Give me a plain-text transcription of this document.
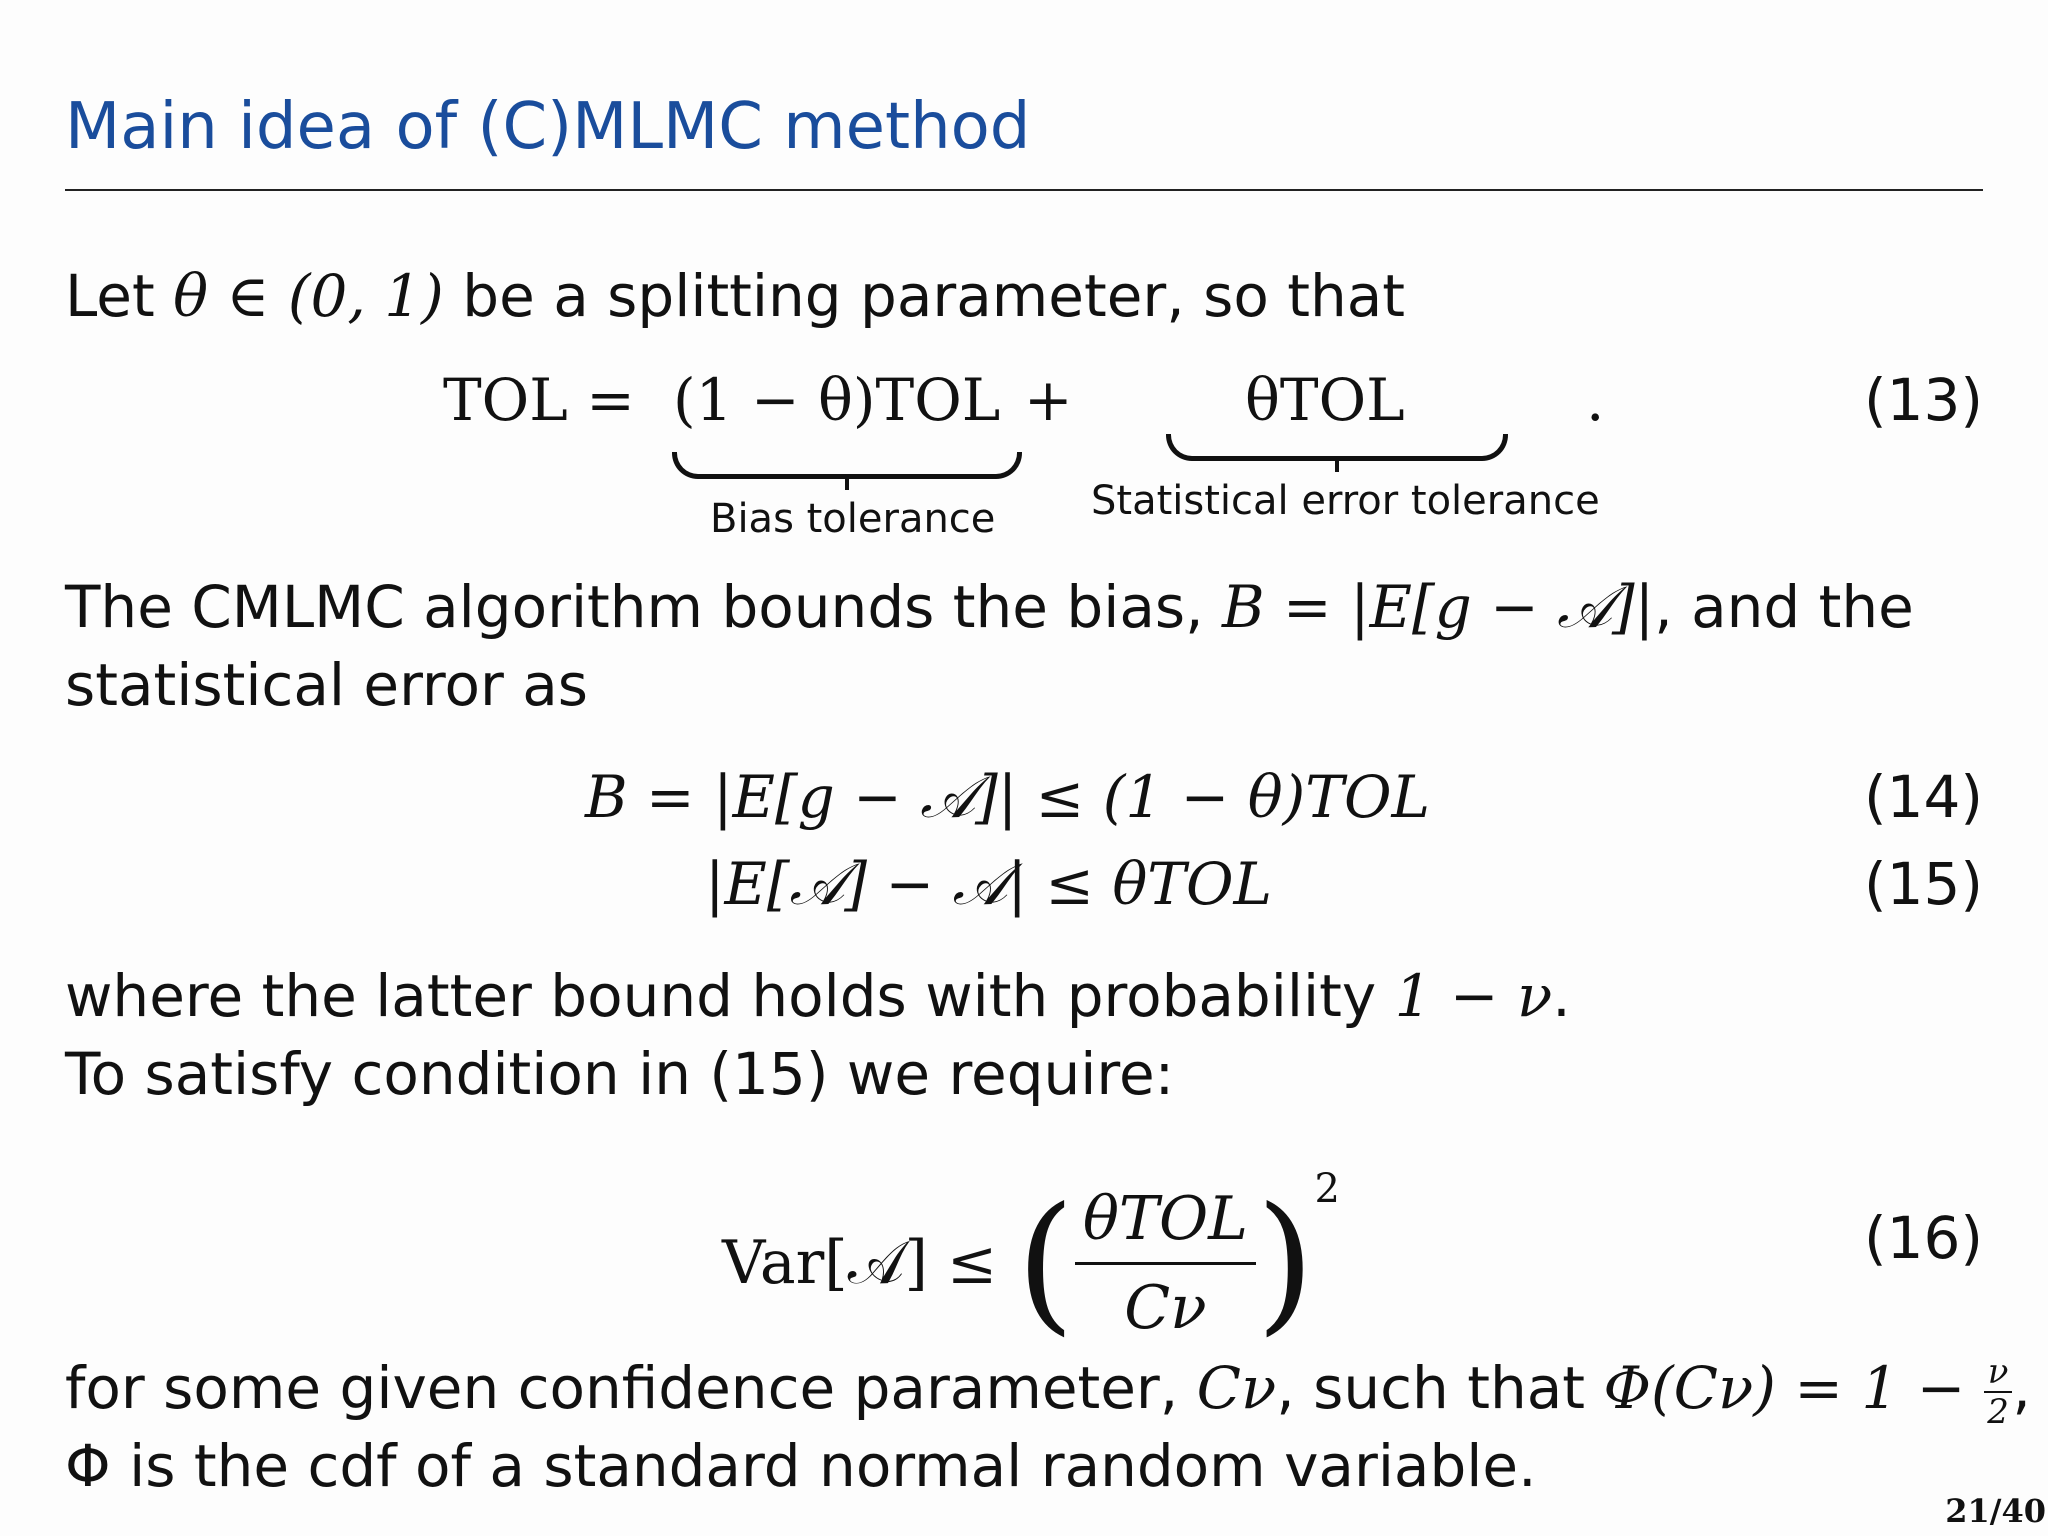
Main idea of (C)MLMC method
Let θ ∈ (0, 1) be a splitting parameter, so that
TOL = (1 − θ)TOL +	θTOL	.
Bias tolerance Statistical error tolerance
(13)
The CMLMC algorithm bounds the bias, B = |E[g − 𝒜]|, and the
statistical error as
B = |E[g − 𝒜]| ≤ (1 − θ)TOL	(14)
|E[𝒜] − 𝒜| ≤ θTOL	(15)
where the latter bound holds with probability 1 − ν.
To satisfy condition in (15) we require:
Var[𝒜] ≤ ( $\frac{\text{θTOL}}{C\nu} )^2$
(16)
for some given confidence parameter, Cν, such that $\Phi(C\nu) = 1 - \frac{\nu}{2}$ ,
Φ is the cdf of a standard normal random variable.
21/40
